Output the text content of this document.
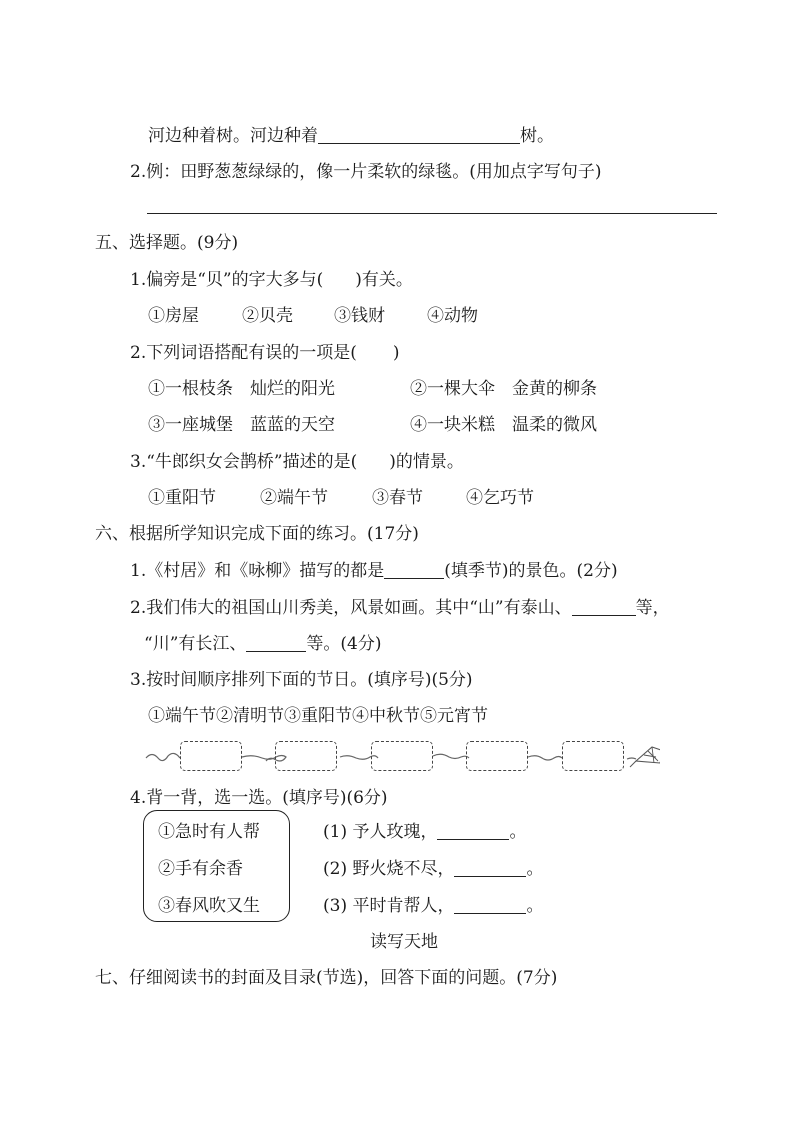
河边种着树。河边种着	树。
2.例：田野葱葱绿绿的，像一片柔软的绿毯。(用加点字写句子)
五、选择题。(9分)
1.偏旁是“贝”的字大多与( )有关。
①房屋	②贝壳 ③钱财 ④动物
2.下列词语搭配有误的一项是( )
①一根枝条　灿烂的阳光	②一棵大伞　金黄的柳条
③一座城堡　蓝蓝的天空	④一块米糕　温柔的微风
3.“牛郎织女会鹊桥”描述的是( )的情景。
①重阳节	②端午节	③春节	④乞巧节
六、根据所学知识完成下面的练习。(17分)
1.《村居》和《咏柳》描写的都是	(填季节)的景色。(2分)
2.我们伟大的祖国山川秀美，风景如画。其中“山”有泰山、	等，
“川”有长江、	等。(4分)
3.按时间顺序排列下面的节日。(填序号)(5分)
①端午节②清明节③重阳节④中秋节⑤元宵节
4.背一背，选一选。(填序号)(6分)
①急时有人帮
②手有余香
③春风吹又生
(1) 予人玫瑰，	。
(2) 野火烧不尽，	。
(3) 平时肯帮人，	。
读写天地
七、仔细阅读书的封面及目录(节选)，回答下面的问题。(7分)
